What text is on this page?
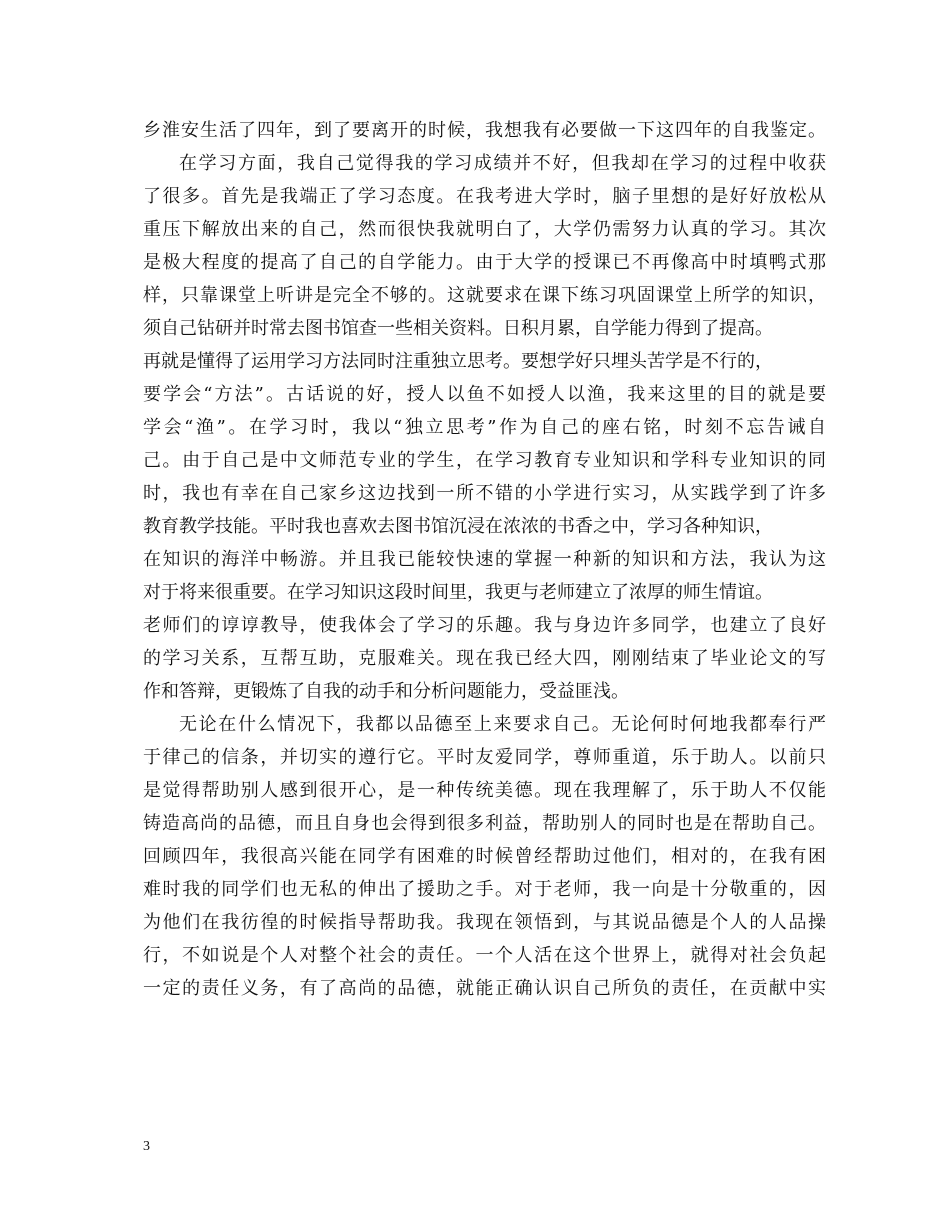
乡淮安生活了四年，到了要离开的时候，我想我有必要做一下这四年的自我鉴定。
在学习方面，我自己觉得我的学习成绩并不好，但我却在学习的过程中收获
了很多。首先是我端正了学习态度。在我考进大学时，脑子里想的是好好放松从
重压下解放出来的自己，然而很快我就明白了，大学仍需努力认真的学习。其次
是极大程度的提高了自己的自学能力。由于大学的授课已不再像高中时填鸭式那
样，只靠课堂上听讲是完全不够的。这就要求在课下练习巩固课堂上所学的知识，
须自己钻研并时常去图书馆查一些相关资料。日积月累，自学能力得到了提高。
再就是懂得了运用学习方法同时注重独立思考。要想学好只埋头苦学是不行的，
要学会“方法”。古话说的好，授人以鱼不如授人以渔，我来这里的目的就是要
学会“渔”。在学习时，我以“独立思考”作为自己的座右铭，时刻不忘告诫自
己。由于自己是中文师范专业的学生，在学习教育专业知识和学科专业知识的同
时，我也有幸在自己家乡这边找到一所不错的小学进行实习，从实践学到了许多
教育教学技能。平时我也喜欢去图书馆沉浸在浓浓的书香之中，学习各种知识，
在知识的海洋中畅游。并且我已能较快速的掌握一种新的知识和方法，我认为这
对于将来很重要。在学习知识这段时间里，我更与老师建立了浓厚的师生情谊。
老师们的谆谆教导，使我体会了学习的乐趣。我与身边许多同学，也建立了良好
的学习关系，互帮互助，克服难关。现在我已经大四，刚刚结束了毕业论文的写
作和答辩，更锻炼了自我的动手和分析问题能力，受益匪浅。
无论在什么情况下，我都以品德至上来要求自己。无论何时何地我都奉行严
于律己的信条，并切实的遵行它。平时友爱同学，尊师重道，乐于助人。以前只
是觉得帮助别人感到很开心，是一种传统美德。现在我理解了，乐于助人不仅能
铸造高尚的品德，而且自身也会得到很多利益，帮助别人的同时也是在帮助自己。
回顾四年，我很高兴能在同学有困难的时候曾经帮助过他们，相对的，在我有困
难时我的同学们也无私的伸出了援助之手。对于老师，我一向是十分敬重的，因
为他们在我彷徨的时候指导帮助我。我现在领悟到，与其说品德是个人的人品操
行，不如说是个人对整个社会的责任。一个人活在这个世界上，就得对社会负起
一定的责任义务，有了高尚的品德，就能正确认识自己所负的责任，在贡献中实
3
